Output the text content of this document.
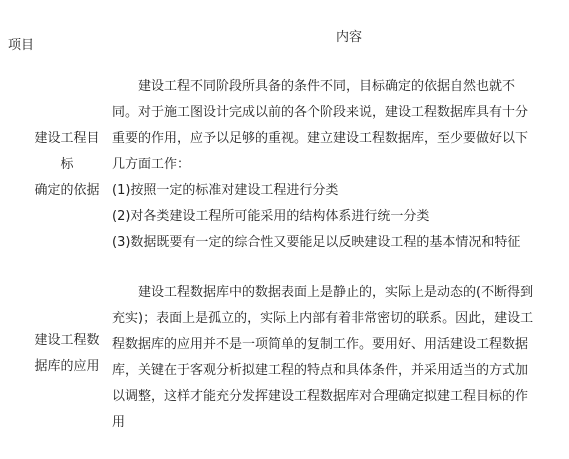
项目
内容
建设工程目
标
确定的依据
建设工程不同阶段所具备的条件不同，目标确定的依据自然也就不
同。对于施工图设计完成以前的各个阶段来说，建设工程数据库具有十分
重要的作用，应予以足够的重视。建立建设工程数据库，至少要做好以下
几方面工作：
(1)按照一定的标准对建设工程进行分类
(2)对各类建设工程所可能采用的结构体系进行统一分类
(3)数据既要有一定的综合性又要能足以反映建设工程的基本情况和特征
建设工程数
据库的应用
建设工程数据库中的数据表面上是静止的，实际上是动态的(不断得到
充实)；表面上是孤立的，实际上内部有着非常密切的联系。因此，建设工
程数据库的应用并不是一项简单的复制工作。要用好、用活建设工程数据
库，关键在于客观分析拟建工程的特点和具体条件，并采用适当的方式加
以调整，这样才能充分发挥建设工程数据库对合理确定拟建工程目标的作
用
